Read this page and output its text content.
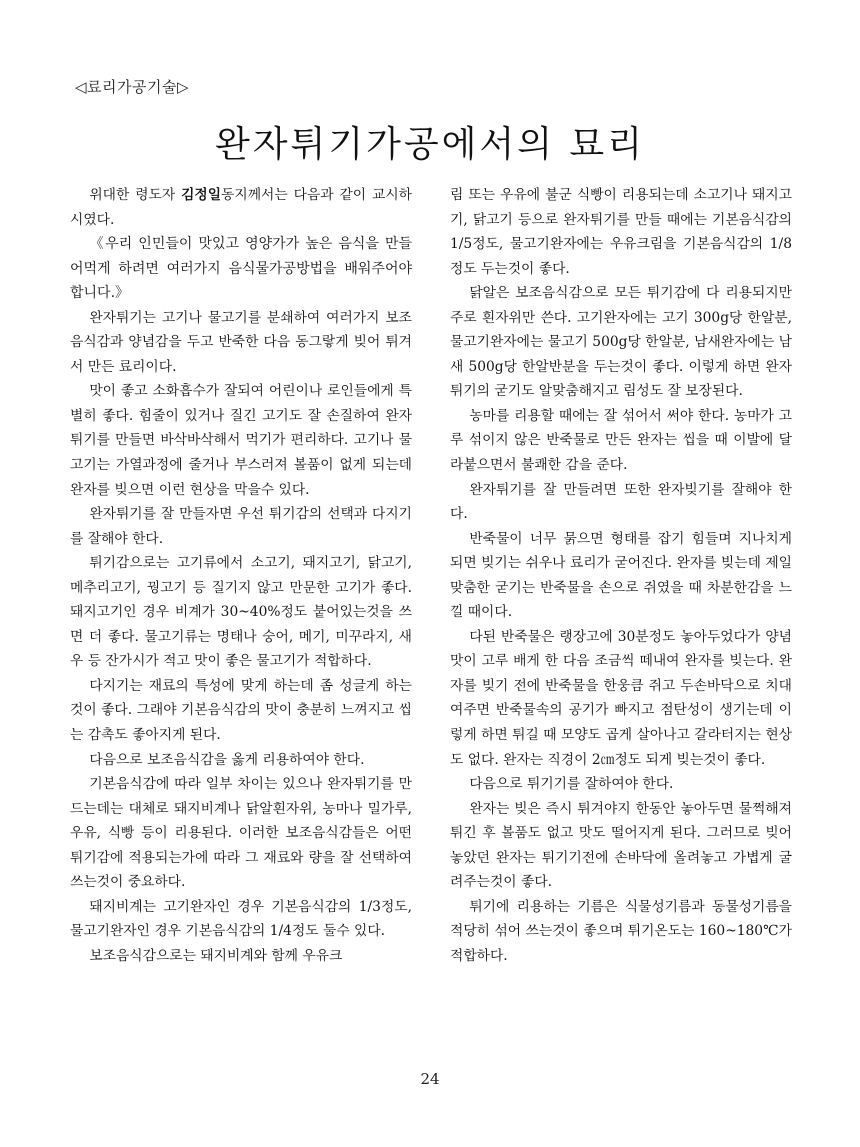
◁료리가공기술▷
완자튀기가공에서의 묘리

위대한 령도자 김정일동지께서는 다음과 같이 교시하시였다.

《우리 인민들이 맛있고 영양가가 높은 음식을 만들어먹게 하려면 여러가지 음식물가공방법을 배워주어야 합니다.》

완자튀기는 고기나 물고기를 분쇄하여 여러가지 보조음식감과 양념감을 두고 반죽한 다음 동그랗게 빚어 튀겨서 만든 료리이다.

맛이 좋고 소화흡수가 잘되여 어린이나 로인들에게 특별히 좋다. 힘줄이 있거나 질긴 고기도 잘 손질하여 완자튀기를 만들면 바삭바삭해서 먹기가 편리하다. 고기나 물고기는 가열과정에 줄거나 부스러져 볼품이 없게 되는데 완자를 빚으면 이런 현상을 막을수 있다.

완자튀기를 잘 만들자면 우선 튀기감의 선택과 다지기를 잘해야 한다.

튀기감으로는 고기류에서 소고기, 돼지고기, 닭고기, 메추리고기, 꿩고기 등 질기지 않고 만문한 고기가 좋다. 돼지고기인 경우 비계가 30~40%정도 붙어있는것을 쓰면 더 좋다. 물고기류는 명태나 숭어, 메기, 미꾸라지, 새우 등 잔가시가 적고 맛이 좋은 물고기가 적합하다.

다지기는 재료의 특성에 맞게 하는데 좀 성글게 하는것이 좋다. 그래야 기본음식감의 맛이 충분히 느껴지고 씹는 감촉도 좋아지게 된다.

다음으로 보조음식감을 옳게 리용하여야 한다.

기본음식감에 따라 일부 차이는 있으나 완자튀기를 만드는데는 대체로 돼지비계나 닭알흰자위, 농마나 밀가루, 우유, 식빵 등이 리용된다. 이러한 보조음식감들은 어떤 튀기감에 적용되는가에 따라 그 재료와 량을 잘 선택하여 쓰는것이 중요하다.

돼지비계는 고기완자인 경우 기본음식감의 1/3정도, 물고기완자인 경우 기본음식감의 1/4정도 둘수 있다.

보조음식감으로는 돼지비계와 함께 우유크

림 또는 우유에 불군 식빵이 리용되는데 소고기나 돼지고기, 닭고기 등으로 완자튀기를 만들 때에는 기본음식감의 1/5정도, 물고기완자에는 우유크림을 기본음식감의 1/8정도 두는것이 좋다.

닭알은 보조음식감으로 모든 튀기감에 다 리용되지만 주로 흰자위만 쓴다. 고기완자에는 고기 300g당 한알분, 물고기완자에는 물고기 500g당 한알분, 남새완자에는 남새 500g당 한알반분을 두는것이 좋다. 이렇게 하면 완자튀기의 굳기도 알맞춤해지고 림성도 잘 보장된다.

농마를 리용할 때에는 잘 섞어서 써야 한다. 농마가 고루 섞이지 않은 반죽물로 만든 완자는 씹을 때 이발에 달라붙으면서 불쾌한 감을 준다.

완자튀기를 잘 만들려면 또한 완자빚기를 잘해야 한다.

반죽물이 너무 묽으면 형태를 잡기 힘들며 지나치게 되면 빚기는 쉬우나 료리가 굳어진다. 완자를 빚는데 제일 맞춤한 굳기는 반죽물을 손으로 쥐였을 때 차분한감을 느낄 때이다.

다된 반죽물은 랭장고에 30분정도 놓아두었다가 양념맛이 고루 배게 한 다음 조금씩 떼내여 완자를 빚는다. 완자를 빚기 전에 반죽물을 한웅큼 쥐고 두손바닥으로 치대여주면 반죽물속의 공기가 빠지고 점탄성이 생기는데 이렇게 하면 튀길 때 모양도 곱게 살아나고 갈라터지는 현상도 없다. 완자는 직경이 2㎝정도 되게 빚는것이 좋다.

다음으로 튀기기를 잘하여야 한다.

완자는 빚은 즉시 튀겨야지 한동안 놓아두면 물쩍해져 튀긴 후 볼품도 없고 맛도 떨어지게 된다. 그러므로 빚어놓았던 완자는 튀기기전에 손바닥에 올려놓고 가볍게 굴려주는것이 좋다.

튀기에 리용하는 기름은 식물성기름과 동물성기름을 적당히 섞어 쓰는것이 좋으며 튀기온도는 160~180℃가 적합하다.

24
